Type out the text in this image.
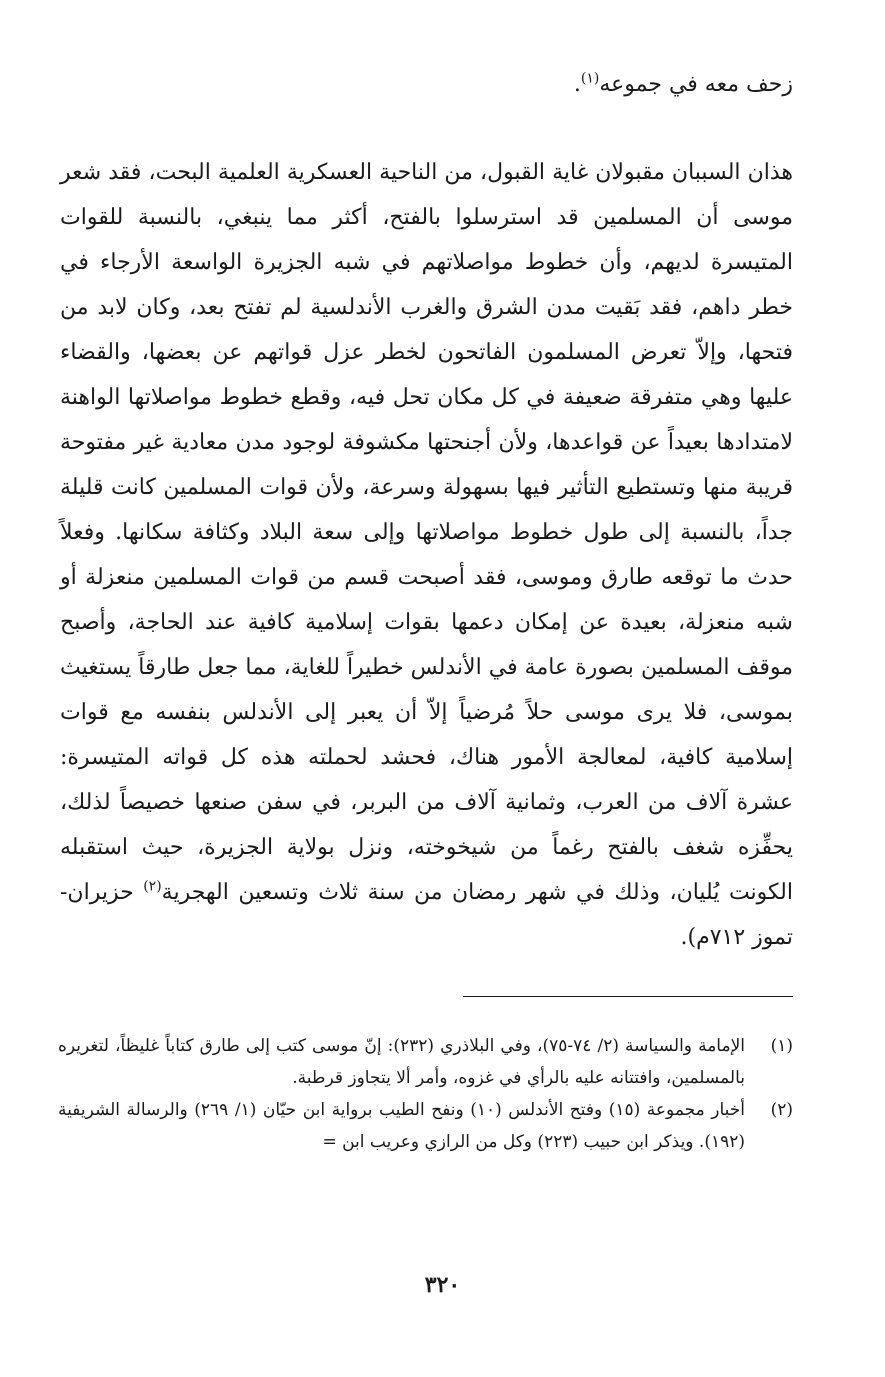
زحف معه في جموعه$^{(١)}$.

هذان السببان مقبولان غاية القبول، من الناحية العسكرية العلمية البحت، فقد شعر موسى أن المسلمين قد استرسلوا بالفتح، أكثر مما ينبغي، بالنسبة للقوات المتيسرة لديهم، وأن خطوط مواصلاتهم في شبه الجزيرة الواسعة الأرجاء في خطر داهم، فقد بَقيت مدن الشرق والغرب الأندلسية لم تفتح بعد، وكان لابد من فتحها، وإلاّ تعرض المسلمون الفاتحون لخطر عزل قواتهم عن بعضها، والقضاء عليها وهي متفرقة ضعيفة في كل مكان تحل فيه، وقطع خطوط مواصلاتها الواهنة لامتدادها بعيداً عن قواعدها، ولأن أجنحتها مكشوفة لوجود مدن معادية غير مفتوحة قريبة منها وتستطيع التأثير فيها بسهولة وسرعة، ولأن قوات المسلمين كانت قليلة جداً، بالنسبة إلى طول خطوط مواصلاتها وإلى سعة البلاد وكثافة سكانها. وفعلاً حدث ما توقعه طارق وموسى، فقد أصبحت قسم من قوات المسلمين منعزلة أو شبه منعزلة، بعيدة عن إمكان دعمها بقوات إسلامية كافية عند الحاجة، وأصبح موقف المسلمين بصورة عامة في الأندلس خطيراً للغاية، مما جعل طارقاً يستغيث بموسى، فلا يرى موسى حلاً مُرضياً إلاّ أن يعبر إلى الأندلس بنفسه مع قوات إسلامية كافية، لمعالجة الأمور هناك، فحشد لحملته هذه كل قواته المتيسرة: عشرة آلاف من العرب، وثمانية آلاف من البربر، في سفن صنعها خصيصاً لذلك، يحفِّزه شغف بالفتح رغماً من شيخوخته، ونزل بولاية الجزيرة، حيث استقبله الكونت يُليان، وذلك في شهر رمضان من سنة ثلاث وتسعين الهجرية$^{(٢)}$ حزيران-تموز ٧١٢م).

(١)
الإمامة والسياسة (٢/ ٧٤-٧٥)، وفي البلاذري (٢٣٢): إنّ موسى كتب إلى طارق كتاباً غليظاً، لتغريره بالمسلمين، وافتتانه عليه بالرأي في غزوه، وأمر ألا يتجاوز قرطبة.
(٢)
أخبار مجموعة (١٥) وفتح الأندلس (١٠) ونفح الطيب برواية ابن حيّان (١/ ٢٦٩) والرسالة الشريفية (١٩٢). ويذكر ابن حبيب (٢٢٣) وكل من الرازي وعريب ابن =
٣٢٠
